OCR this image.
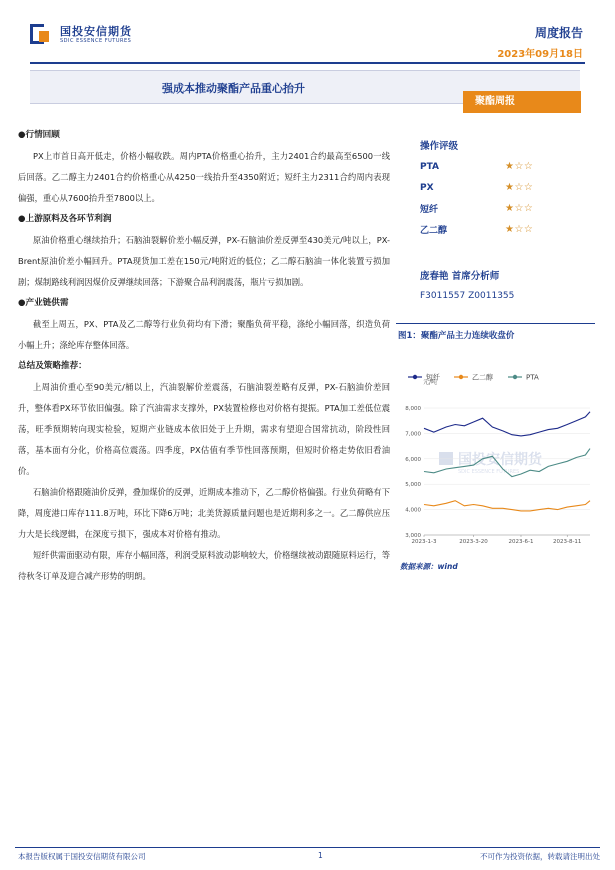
国投安信期货
SDIC ESSENCE FUTURES
周度报告
2023年09月18日
强成本推动聚酯产品重心抬升
聚酯周报

●行情回顾

PX上市首日高开低走，价格小幅收跌。周内PTA价格重心抬升，主力2401合约最高至6500一线后回落。乙二醇主力2401合约价格重心从4250一线抬升至4350附近；短纤主力2311合约周内表现偏强，重心从7600抬升至7800以上。

●上游原料及各环节利润

原油价格重心继续抬升；石脑油裂解价差小幅反弹，PX-石脑油价差反弹至430美元/吨以上，PX-Brent原油价差小幅回升。PTA现货加工差在150元/吨附近的低位；乙二醇石脑油一体化装置亏损加剧；煤制路线利润因煤价反弹继续回落；下游聚合品利润震荡，瓶片亏损加剧。

●产业链供需

截至上周五，PX、PTA及乙二醇等行业负荷均有下滑；聚酯负荷平稳，涤纶小幅回落，织造负荷小幅上升；涤纶库存整体回落。

总结及策略推荐：

上周油价重心至90美元/桶以上，汽油裂解价差震荡，石脑油裂差略有反弹，PX-石脑油价差回升，整体看PX环节依旧偏强。除了汽油需求支撑外，PX装置检修也对价格有提振。PTA加工差低位震荡，旺季预期转向现实检验，短期产业链成本依旧处于上升期，需求有望迎合国常抗动，阶段性回落，基本面有分化，价格高位震荡。四季度，PX估值有季节性回落预期，但短时价格走势依旧看油价。

石脑油价格跟随油价反弹，叠加煤价的反弹，近期成本推动下，乙二醇价格偏强。行业负荷略有下降，周度港口库存111.8万吨，环比下降6万吨；北美货源质量问题也是近期利多之一。乙二醇供应压力大是长线逻辑，在深度亏损下，强成本对价格有推动。

短纤供需面驱动有限，库存小幅回落，利润受原料波动影响较大，价格继续被动跟随原料运行，等待秋冬订单及迎合减产形势的明朗。

操作评级
PTA	★☆☆
PX	★☆☆
短纤	★☆☆
乙二醇	★☆☆
庞春艳 首席分析师
F3011557 Z0011355
图1：聚酯产品主力连续收盘价
短纤	乙二醇	PTA
元/吨
国投安信期货
SDIC ESSENCE FUTURES
3,000
4,000
5,000
6,000
7,000
8,000
2023-1-3	2023-3-20	2023-6-1	2023-8-11
数据来源：wind
本报告版权属于国投安信期货有限公司	1	不可作为投资依据，转载请注明出处
